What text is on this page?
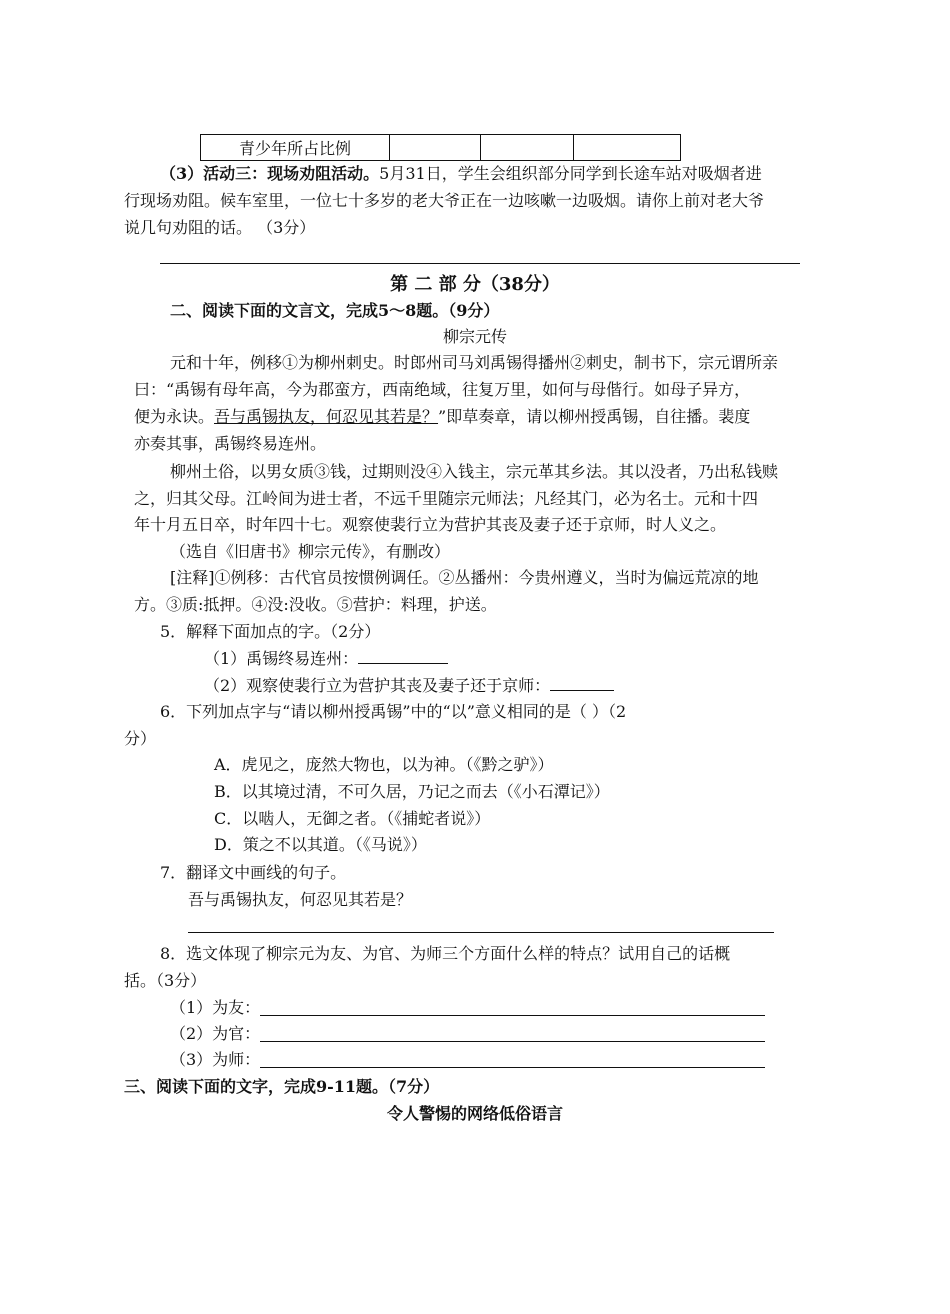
青少年所占比例			
（3）活动三：现场劝阻活动。5月31日，学生会组织部分同学到长途车站对吸烟者进
行现场劝阻。候车室里，一位七十多岁的老大爷正在一边咳嗽一边吸烟。请你上前对老大爷
说几句劝阻的话。 （3分）
第 二 部 分（38分）
二、阅读下面的文言文，完成5～8题。（9分）
柳宗元传
元和十年，例移①为柳州刺史。时郎州司马刘禹锡得播州②刺史，制书下，宗元谓所亲
曰：“禹锡有母年高，今为郡蛮方，西南绝域，往复万里，如何与母偕行。如母子异方，
便为永诀。吾与禹锡执友，何忍见其若是？”即草奏章，请以柳州授禹锡，自往播。裴度
亦奏其事，禹锡终易连州。
柳州土俗，以男女质③钱，过期则没④入钱主，宗元革其乡法。其以没者，乃出私钱赎
之，归其父母。江岭间为进士者，不远千里随宗元师法；凡经其门，必为名士。元和十四
年十月五日卒，时年四十七。观察使裴行立为营护其丧及妻子还于京师，时人义之。
（选自《旧唐书》柳宗元传》，有删改）
[注释]①例移：古代官员按惯例调任。②丛播州：今贵州遵义，当时为偏远荒凉的地
方。③质:抵押。④没:没收。⑤营护：料理，护送。
5．解释下面加点的字。（2分）
（1）禹锡终易连州：
（2）观察使裴行立为营护其丧及妻子还于京师：
6．下列加点字与“请以柳州授禹锡”中的“以”意义相同的是（ ）（2
分）
A．虎见之，庞然大物也，以为神。（《黔之驴》）
B．以其境过清，不可久居，乃记之而去（《小石潭记》）
C．以啮人，无御之者。（《捕蛇者说》）
D．策之不以其道。（《马说》）
7．翻译文中画线的句子。
吾与禹锡执友，何忍见其若是？
8．选文体现了柳宗元为友、为官、为师三个方面什么样的特点？试用自己的话概
括。（3分）
（1）为友：
（2）为官：
（3）为师：
三、阅读下面的文字，完成9-11题。（7分）
令人警惕的网络低俗语言
